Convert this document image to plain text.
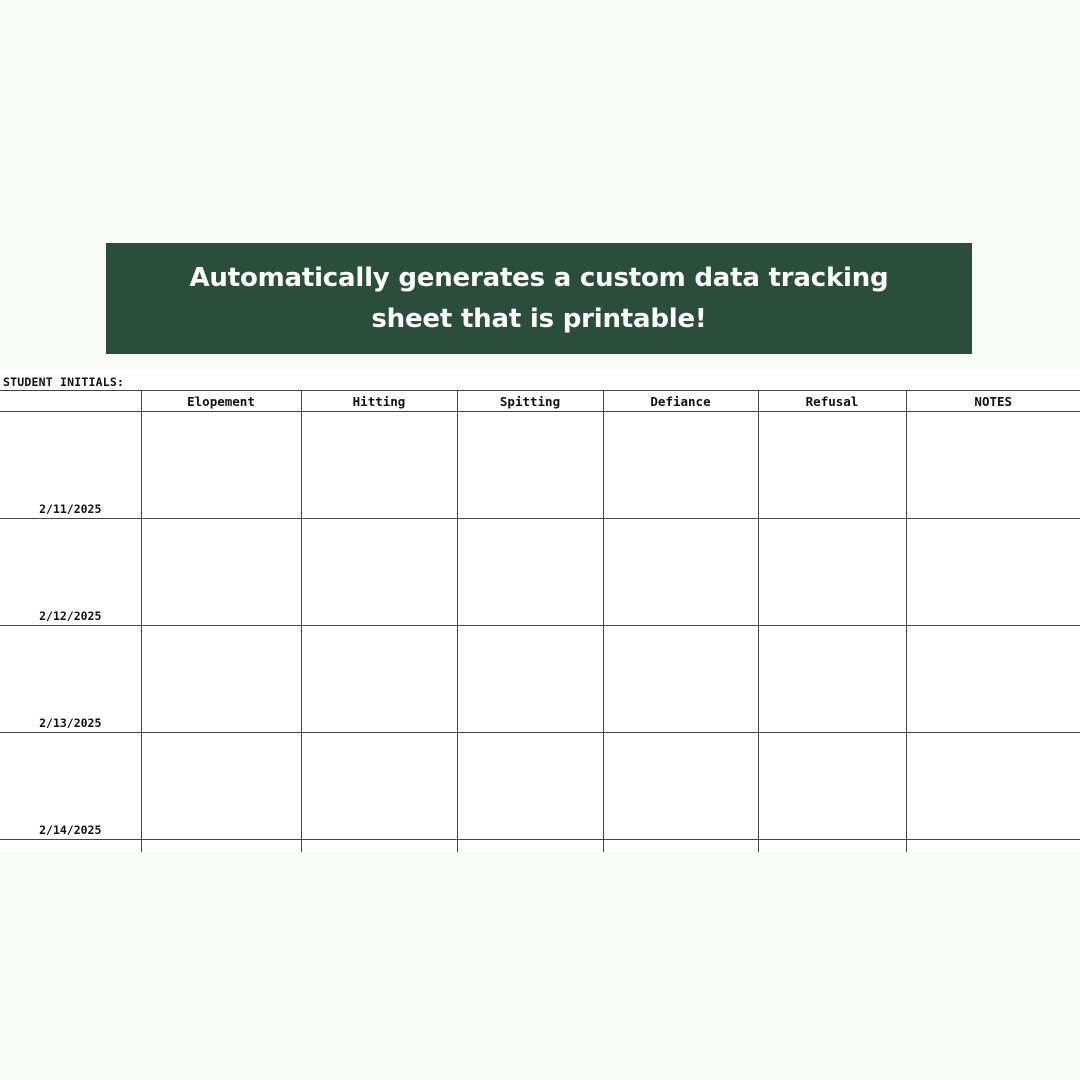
Automatically generates a custom data tracking sheet that is printable!
STUDENT INITIALS:
	Elopement	Hitting	Spitting	Defiance	Refusal	NOTES
2/11/2025						
2/12/2025						
2/13/2025						
2/14/2025						
